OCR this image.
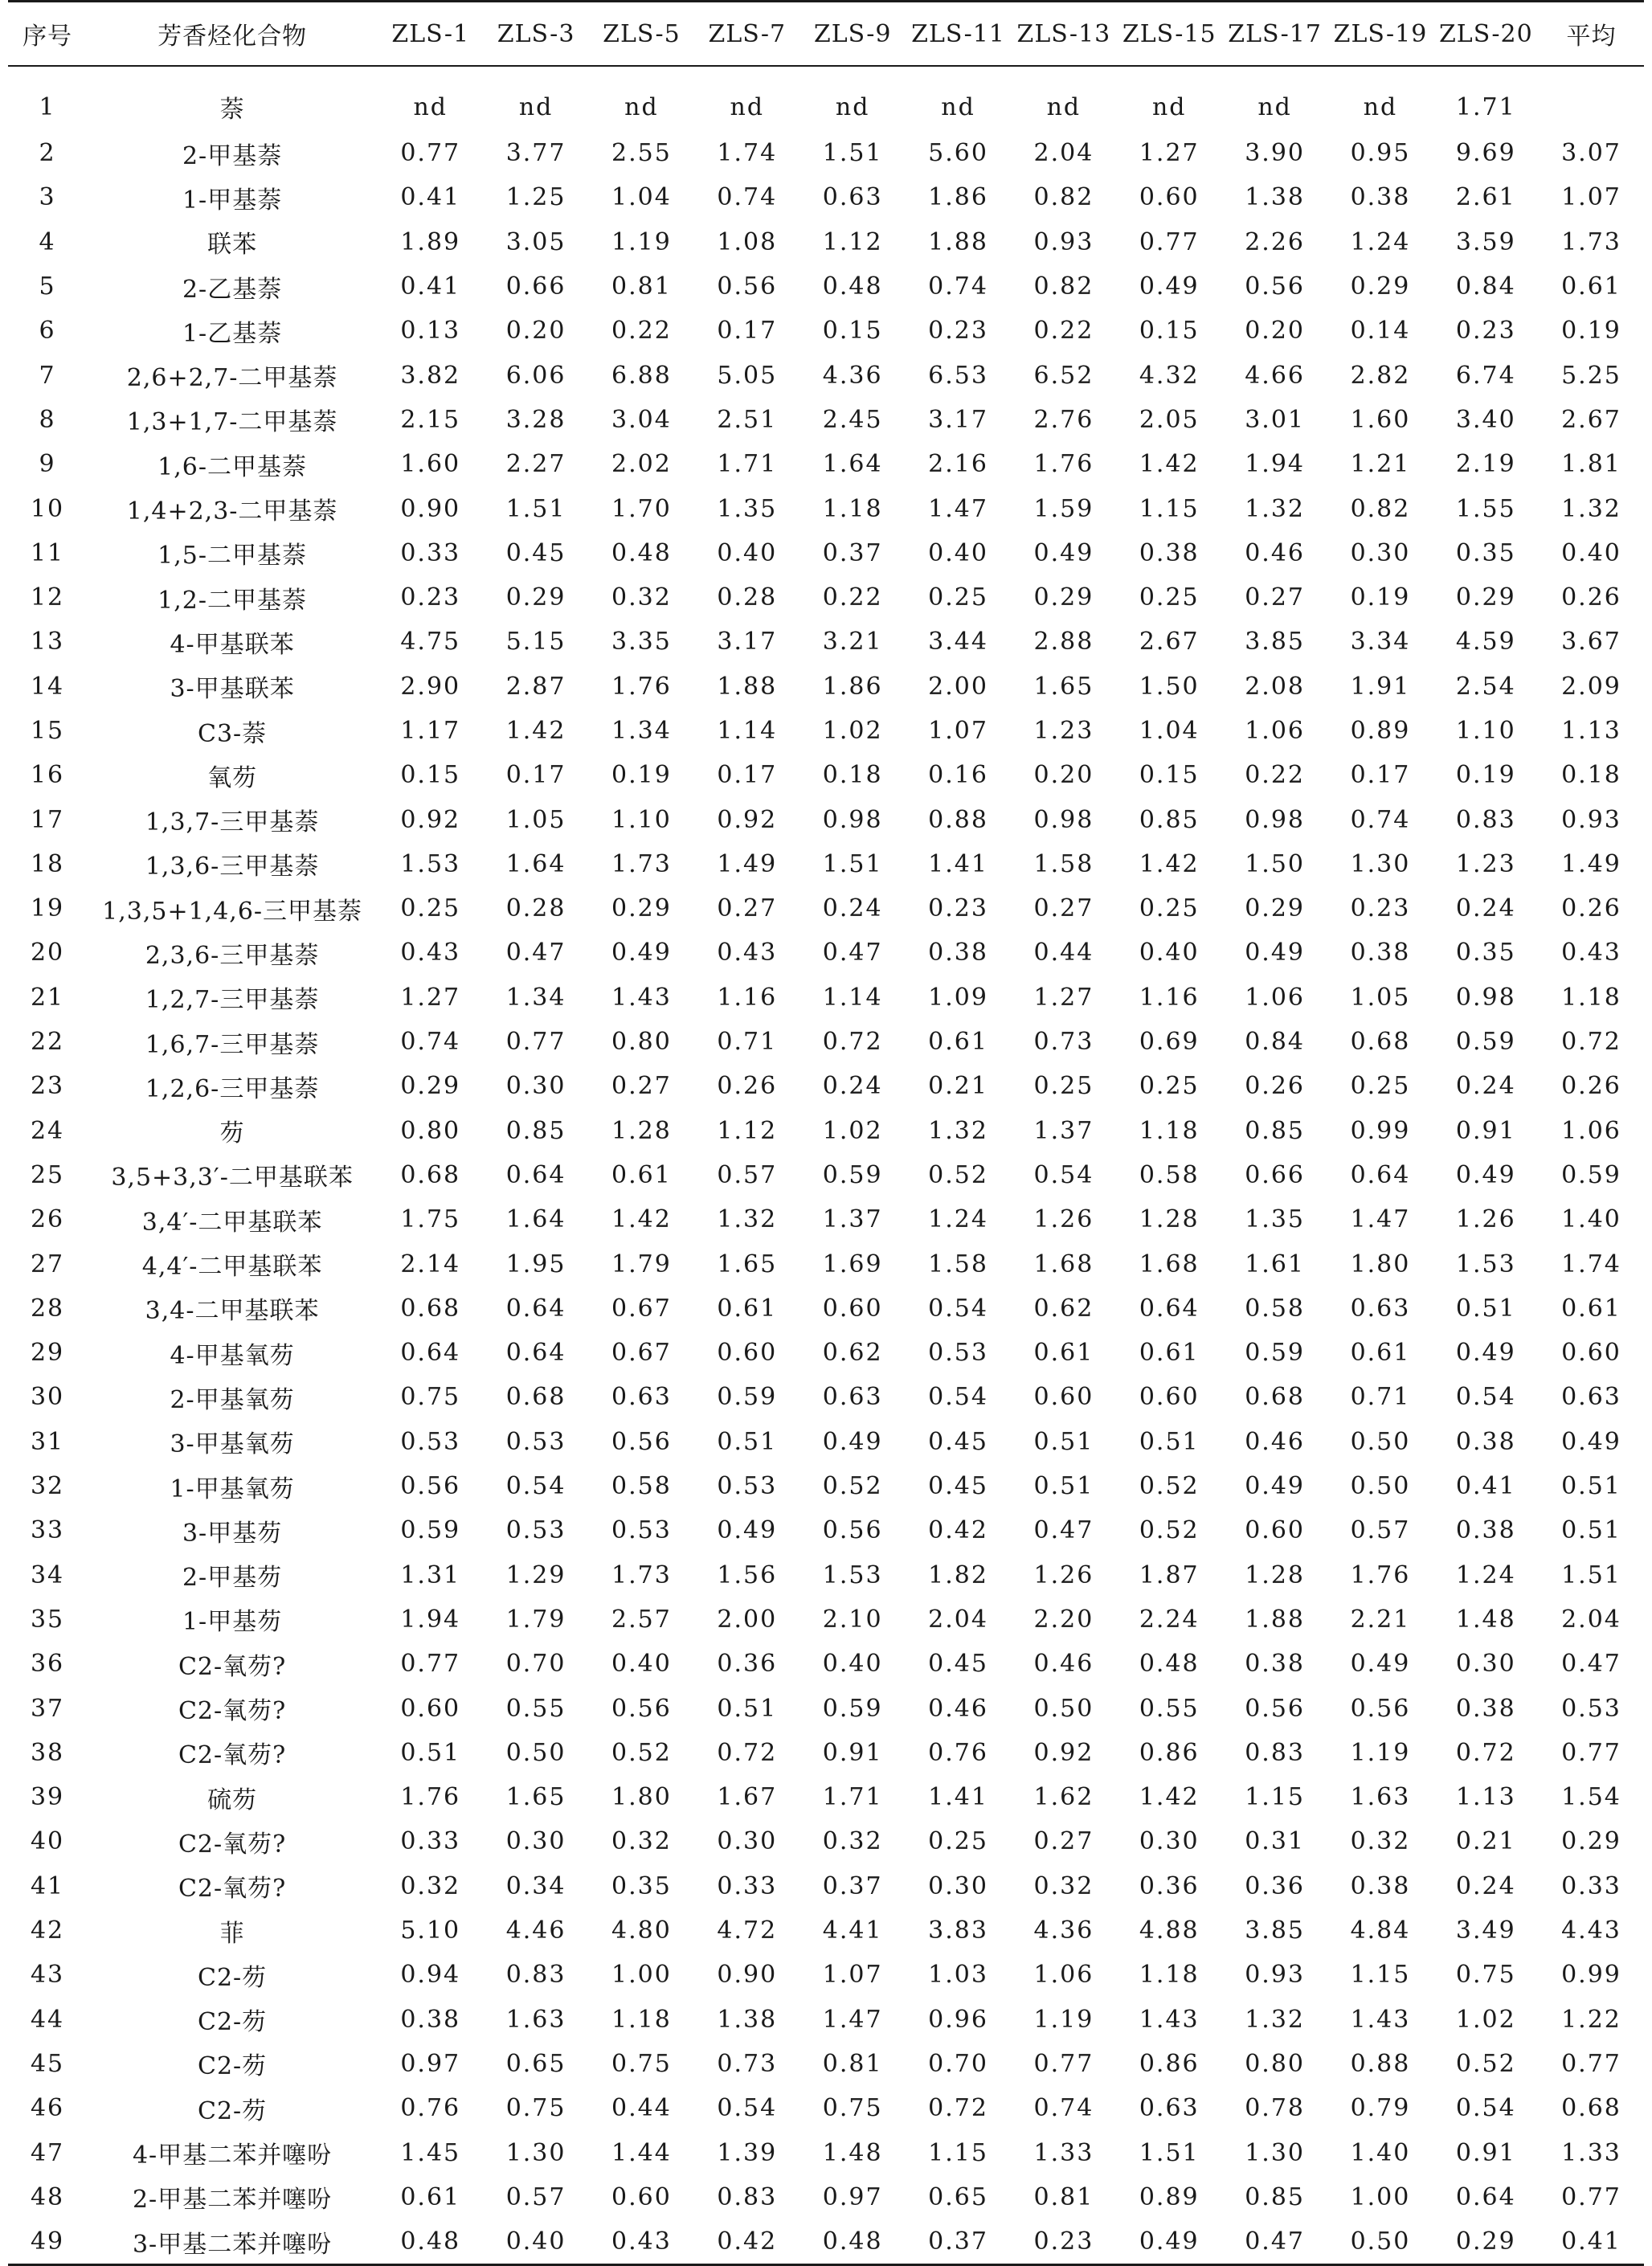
序号	芳香烃化合物	ZLS-1	ZLS-3	ZLS-5	ZLS-7	ZLS-9	ZLS-11	ZLS-13	ZLS-15	ZLS-17	ZLS-19	ZLS-20	平均
1	萘	nd	nd	nd	nd	nd	nd	nd	nd	nd	nd	1.71	
2	2-甲基萘	0.77	3.77	2.55	1.74	1.51	5.60	2.04	1.27	3.90	0.95	9.69	3.07
3	1-甲基萘	0.41	1.25	1.04	0.74	0.63	1.86	0.82	0.60	1.38	0.38	2.61	1.07
4	联苯	1.89	3.05	1.19	1.08	1.12	1.88	0.93	0.77	2.26	1.24	3.59	1.73
5	2-乙基萘	0.41	0.66	0.81	0.56	0.48	0.74	0.82	0.49	0.56	0.29	0.84	0.61
6	1-乙基萘	0.13	0.20	0.22	0.17	0.15	0.23	0.22	0.15	0.20	0.14	0.23	0.19
7	2,6+2,7-二甲基萘	3.82	6.06	6.88	5.05	4.36	6.53	6.52	4.32	4.66	2.82	6.74	5.25
8	1,3+1,7-二甲基萘	2.15	3.28	3.04	2.51	2.45	3.17	2.76	2.05	3.01	1.60	3.40	2.67
9	1,6-二甲基萘	1.60	2.27	2.02	1.71	1.64	2.16	1.76	1.42	1.94	1.21	2.19	1.81
10	1,4+2,3-二甲基萘	0.90	1.51	1.70	1.35	1.18	1.47	1.59	1.15	1.32	0.82	1.55	1.32
11	1,5-二甲基萘	0.33	0.45	0.48	0.40	0.37	0.40	0.49	0.38	0.46	0.30	0.35	0.40
12	1,2-二甲基萘	0.23	0.29	0.32	0.28	0.22	0.25	0.29	0.25	0.27	0.19	0.29	0.26
13	4-甲基联苯	4.75	5.15	3.35	3.17	3.21	3.44	2.88	2.67	3.85	3.34	4.59	3.67
14	3-甲基联苯	2.90	2.87	1.76	1.88	1.86	2.00	1.65	1.50	2.08	1.91	2.54	2.09
15	C3-萘	1.17	1.42	1.34	1.14	1.02	1.07	1.23	1.04	1.06	0.89	1.10	1.13
16	氧芴	0.15	0.17	0.19	0.17	0.18	0.16	0.20	0.15	0.22	0.17	0.19	0.18
17	1,3,7-三甲基萘	0.92	1.05	1.10	0.92	0.98	0.88	0.98	0.85	0.98	0.74	0.83	0.93
18	1,3,6-三甲基萘	1.53	1.64	1.73	1.49	1.51	1.41	1.58	1.42	1.50	1.30	1.23	1.49
19	1,3,5+1,4,6-三甲基萘	0.25	0.28	0.29	0.27	0.24	0.23	0.27	0.25	0.29	0.23	0.24	0.26
20	2,3,6-三甲基萘	0.43	0.47	0.49	0.43	0.47	0.38	0.44	0.40	0.49	0.38	0.35	0.43
21	1,2,7-三甲基萘	1.27	1.34	1.43	1.16	1.14	1.09	1.27	1.16	1.06	1.05	0.98	1.18
22	1,6,7-三甲基萘	0.74	0.77	0.80	0.71	0.72	0.61	0.73	0.69	0.84	0.68	0.59	0.72
23	1,2,6-三甲基萘	0.29	0.30	0.27	0.26	0.24	0.21	0.25	0.25	0.26	0.25	0.24	0.26
24	芴	0.80	0.85	1.28	1.12	1.02	1.32	1.37	1.18	0.85	0.99	0.91	1.06
25	3,5+3,3′-二甲基联苯	0.68	0.64	0.61	0.57	0.59	0.52	0.54	0.58	0.66	0.64	0.49	0.59
26	3,4′-二甲基联苯	1.75	1.64	1.42	1.32	1.37	1.24	1.26	1.28	1.35	1.47	1.26	1.40
27	4,4′-二甲基联苯	2.14	1.95	1.79	1.65	1.69	1.58	1.68	1.68	1.61	1.80	1.53	1.74
28	3,4-二甲基联苯	0.68	0.64	0.67	0.61	0.60	0.54	0.62	0.64	0.58	0.63	0.51	0.61
29	4-甲基氧芴	0.64	0.64	0.67	0.60	0.62	0.53	0.61	0.61	0.59	0.61	0.49	0.60
30	2-甲基氧芴	0.75	0.68	0.63	0.59	0.63	0.54	0.60	0.60	0.68	0.71	0.54	0.63
31	3-甲基氧芴	0.53	0.53	0.56	0.51	0.49	0.45	0.51	0.51	0.46	0.50	0.38	0.49
32	1-甲基氧芴	0.56	0.54	0.58	0.53	0.52	0.45	0.51	0.52	0.49	0.50	0.41	0.51
33	3-甲基芴	0.59	0.53	0.53	0.49	0.56	0.42	0.47	0.52	0.60	0.57	0.38	0.51
34	2-甲基芴	1.31	1.29	1.73	1.56	1.53	1.82	1.26	1.87	1.28	1.76	1.24	1.51
35	1-甲基芴	1.94	1.79	2.57	2.00	2.10	2.04	2.20	2.24	1.88	2.21	1.48	2.04
36	C2-氧芴?	0.77	0.70	0.40	0.36	0.40	0.45	0.46	0.48	0.38	0.49	0.30	0.47
37	C2-氧芴?	0.60	0.55	0.56	0.51	0.59	0.46	0.50	0.55	0.56	0.56	0.38	0.53
38	C2-氧芴?	0.51	0.50	0.52	0.72	0.91	0.76	0.92	0.86	0.83	1.19	0.72	0.77
39	硫芴	1.76	1.65	1.80	1.67	1.71	1.41	1.62	1.42	1.15	1.63	1.13	1.54
40	C2-氧芴?	0.33	0.30	0.32	0.30	0.32	0.25	0.27	0.30	0.31	0.32	0.21	0.29
41	C2-氧芴?	0.32	0.34	0.35	0.33	0.37	0.30	0.32	0.36	0.36	0.38	0.24	0.33
42	菲	5.10	4.46	4.80	4.72	4.41	3.83	4.36	4.88	3.85	4.84	3.49	4.43
43	C2-芴	0.94	0.83	1.00	0.90	1.07	1.03	1.06	1.18	0.93	1.15	0.75	0.99
44	C2-芴	0.38	1.63	1.18	1.38	1.47	0.96	1.19	1.43	1.32	1.43	1.02	1.22
45	C2-芴	0.97	0.65	0.75	0.73	0.81	0.70	0.77	0.86	0.80	0.88	0.52	0.77
46	C2-芴	0.76	0.75	0.44	0.54	0.75	0.72	0.74	0.63	0.78	0.79	0.54	0.68
47	4-甲基二苯并噻吩	1.45	1.30	1.44	1.39	1.48	1.15	1.33	1.51	1.30	1.40	0.91	1.33
48	2-甲基二苯并噻吩	0.61	0.57	0.60	0.83	0.97	0.65	0.81	0.89	0.85	1.00	0.64	0.77
49	3-甲基二苯并噻吩	0.48	0.40	0.43	0.42	0.48	0.37	0.23	0.49	0.47	0.50	0.29	0.41
